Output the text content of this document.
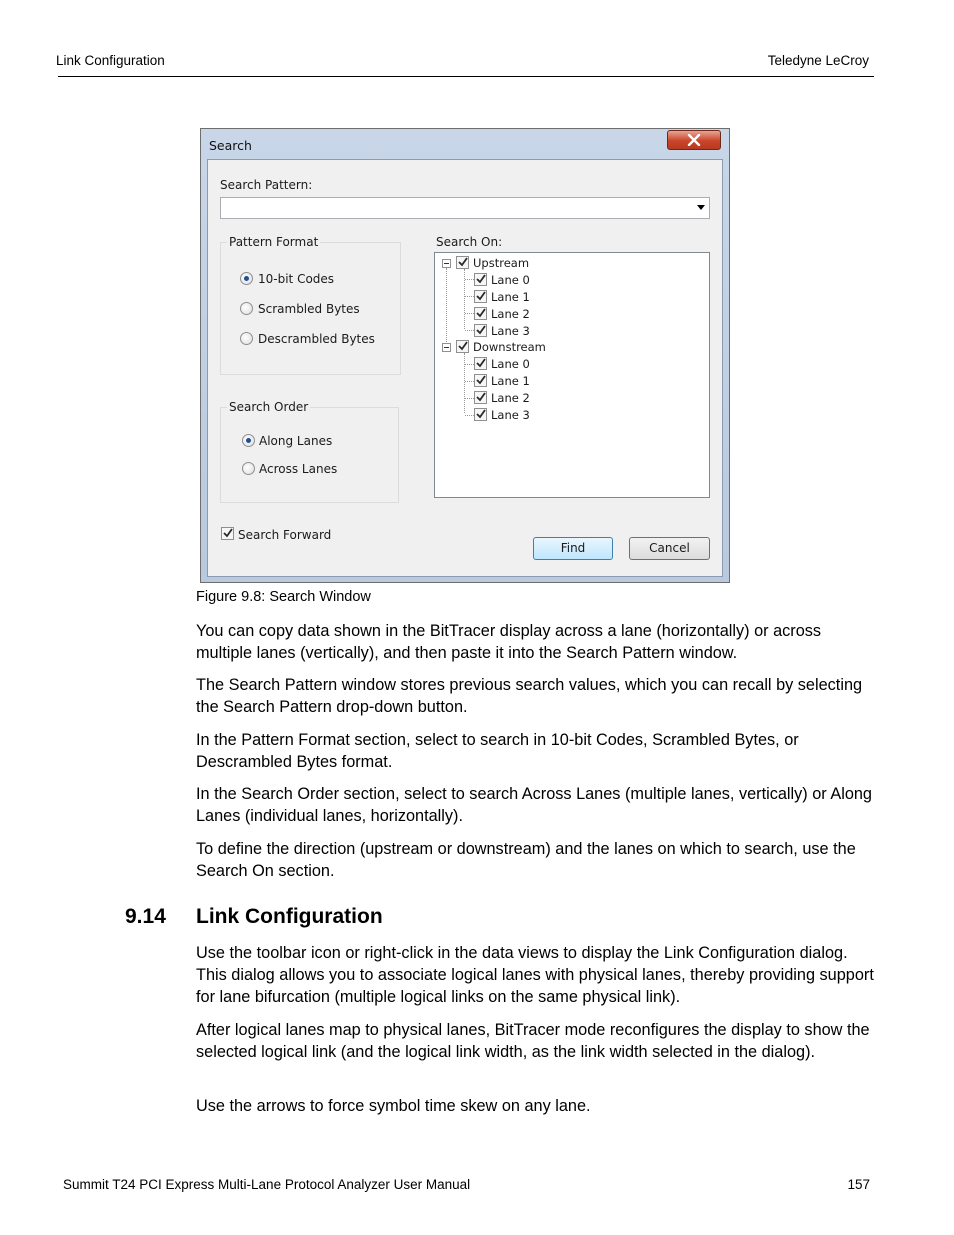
Link Configuration	Teledyne LeCroy
Search
Search Pattern:
Pattern Format
10-bit Codes
Scrambled Bytes
Descrambled Bytes
Search Order
Along Lanes
Across Lanes
Search On:
Upstream
Lane 0
Lane 1
Lane 2
Lane 3
Downstream
Lane 0
Lane 1
Lane 2
Lane 3
Search Forward
Find	Cancel
Figure 9.8: Search Window
You can copy data shown in the BitTracer display across a lane (horizontally) or across multiple lanes (vertically), and then paste it into the Search Pattern window.
The Search Pattern window stores previous search values, which you can recall by selecting the Search Pattern drop-down button.
In the Pattern Format section, select to search in 10-bit Codes, Scrambled Bytes, or Descrambled Bytes format.
In the Search Order section, select to search Across Lanes (multiple lanes, vertically) or Along Lanes (individual lanes, horizontally).
To define the direction (upstream or downstream) and the lanes on which to search, use the Search On section.
9.14 Link Configuration
Use the toolbar icon or right-click in the data views to display the Link Configuration dialog. This dialog allows you to associate logical lanes with physical lanes, thereby providing support for lane bifurcation (multiple logical links on the same physical link).
After logical lanes map to physical lanes, BitTracer mode reconfigures the display to show the selected logical link (and the logical link width, as the link width selected in the dialog).
Use the arrows to force symbol time skew on any lane.
Summit T24 PCI Express Multi-Lane Protocol Analyzer User Manual	157
